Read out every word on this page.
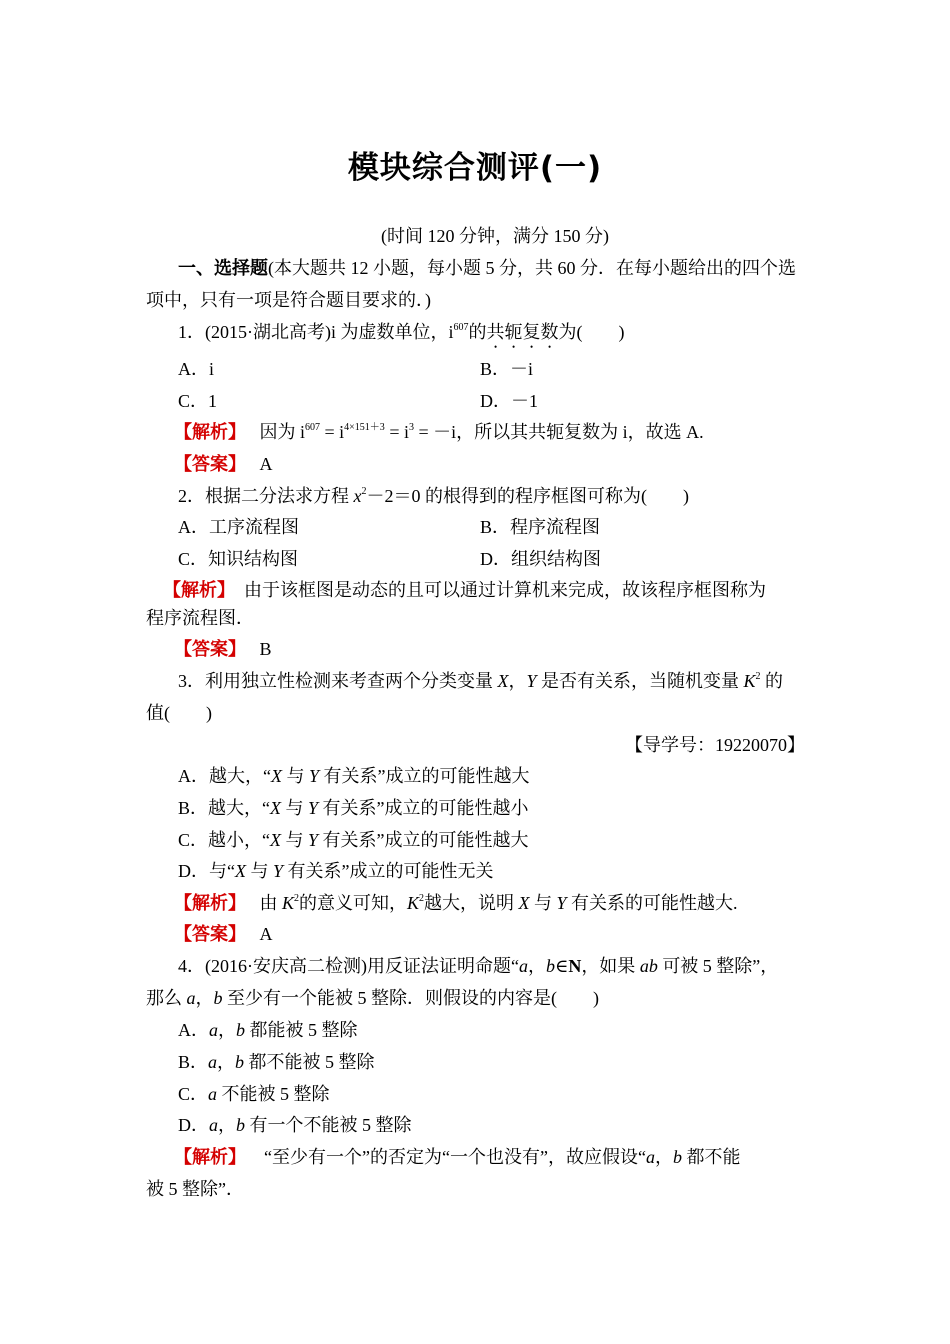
模块综合测评(一)
(时间 120 分钟，满分 150 分)
一、选择题(本大题共 12 小题，每小题 5 分，共 60 分．在每小题给出的四个选
项中，只有一项是符合题目要求的．)
1．(2015·湖北高考)i 为虚数单位，$i^{607}$的共轭复数为(　　)
A．i	B．－i
C．1	D．－1
【解析】 因为 $i^{607} = i^{4\times 151+3} = i^3 = -i$，所以其共轭复数为 i，故选 A.
【答案】 A
2．根据二分法求方程 $x^2-2=0$ 的根得到的程序框图可称为(　　)
A．工序流程图	B．程序流程图
C．知识结构图	D．组织结构图
【解析】 由于该框图是动态的且可以通过计算机来完成，故该程序框图称为
程序流程图．
【答案】 B
3．利用独立性检测来考查两个分类变量 X，Y 是否有关系，当随机变量 $K^2$ 的
值(　　)
【导学号：19220070】
A．越大，“X 与 Y 有关系”成立的可能性越大
B．越大，“X 与 Y 有关系”成立的可能性越小
C．越小，“X 与 Y 有关系”成立的可能性越大
D．与“X 与 Y 有关系”成立的可能性无关
【解析】 由 $K^2$的意义可知，$K^2$越大，说明 X 与 Y 有关系的可能性越大.
【答案】 A
4．(2016·安庆高二检测)用反证法证明命题“a，b∈N，如果 ab 可被 5 整除”，
那么 a，b 至少有一个能被 5 整除．则假设的内容是(　　)
A．a，b 都能被 5 整除
B．a，b 都不能被 5 整除
C．a 不能被 5 整除
D．a，b 有一个不能被 5 整除
【解析】 “至少有一个”的否定为“一个也没有”，故应假设“a，b 都不能
被 5 整除”．
